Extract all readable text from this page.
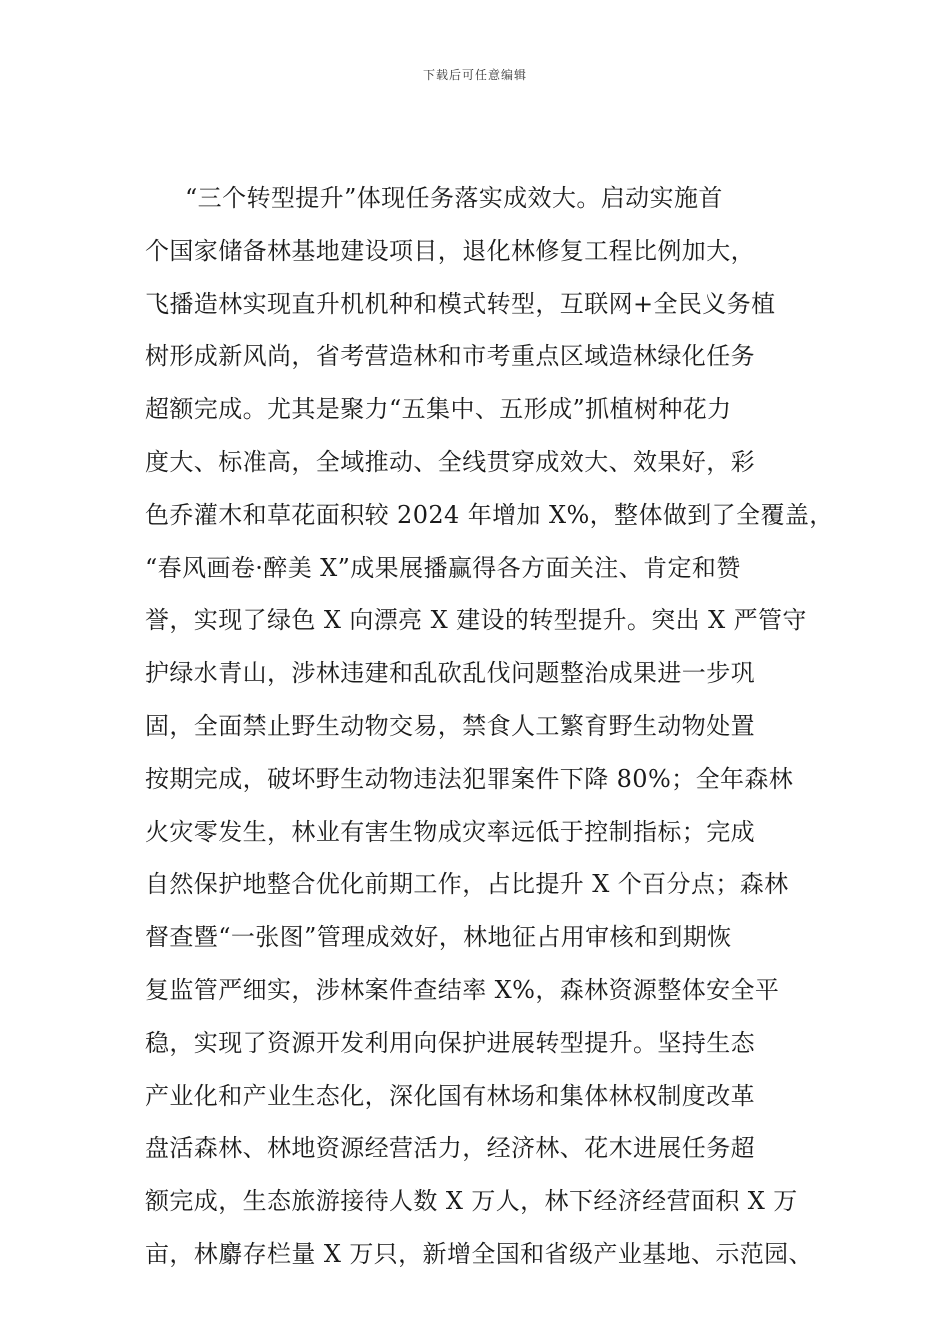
下载后可任意编辑
“三个转型提升”体现任务落实成效大。启动实施首
个国家储备林基地建设项目，退化林修复工程比例加大，
飞播造林实现直升机机种和模式转型，互联网+全民义务植
树形成新风尚，省考营造林和市考重点区域造林绿化任务
超额完成。尤其是聚力“五集中、五形成”抓植树种花力
度大、标准高，全域推动、全线贯穿成效大、效果好，彩
色乔灌木和草花面积较 2024 年增加 X%，整体做到了全覆盖，
“春风画卷·醉美 X”成果展播赢得各方面关注、肯定和赞
誉，实现了绿色 X 向漂亮 X 建设的转型提升。突出 X 严管守
护绿水青山，涉林违建和乱砍乱伐问题整治成果进一步巩
固，全面禁止野生动物交易，禁食人工繁育野生动物处置
按期完成，破坏野生动物违法犯罪案件下降 80%；全年森林
火灾零发生，林业有害生物成灾率远低于控制指标；完成
自然保护地整合优化前期工作，占比提升 X 个百分点；森林
督查暨“一张图”管理成效好，林地征占用审核和到期恢
复监管严细实，涉林案件查结率 X%，森林资源整体安全平
稳，实现了资源开发利用向保护进展转型提升。坚持生态
产业化和产业生态化，深化国有林场和集体林权制度改革
盘活森林、林地资源经营活力，经济林、花木进展任务超
额完成，生态旅游接待人数 X 万人，林下经济经营面积 X 万
亩，林麝存栏量 X 万只，新增全国和省级产业基地、示范园、
